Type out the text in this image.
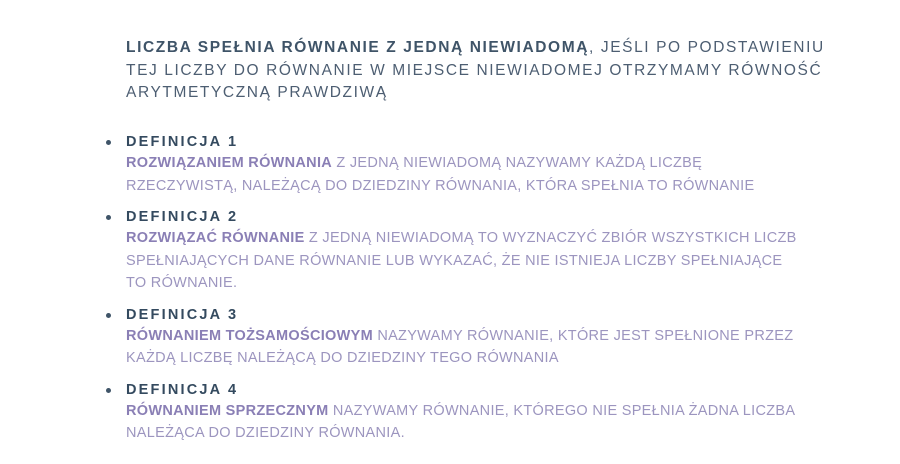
LICZBA SPEŁNIA RÓWNANIE Z JEDNĄ NIEWIADOMĄ, JEŚLI PO PODSTAWIENIU TEJ LICZBY DO RÓWNANIE W MIEJSCE NIEWIADOMEJ OTRZYMAMY RÓWNOŚĆ ARYTMETYCZNĄ PRAWDZIWĄ

DEFINICJA 1
ROZWIĄZANIEM RÓWNANIA Z JEDNĄ NIEWIADOMĄ NAZYWAMY KAŻDĄ LICZBĘ RZECZYWISTĄ, NALEŻĄCĄ DO DZIEDZINY RÓWNANIA, KTÓRA SPEŁNIA TO RÓWNANIE
DEFINICJA 2
ROZWIĄZAĆ RÓWNANIE Z JEDNĄ NIEWIADOMĄ TO WYZNACZYĆ ZBIÓR WSZYSTKICH LICZB SPEŁNIAJĄCYCH DANE RÓWNANIE LUB WYKAZAĆ, ŻE NIE ISTNIEJA LICZBY SPEŁNIAJĄCE TO RÓWNANIE.
DEFINICJA 3
RÓWNANIEM TOŻSAMOŚCIOWYM NAZYWAMY RÓWNANIE, KTÓRE JEST SPEŁNIONE PRZEZ KAŻDĄ LICZBĘ NALEŻĄCĄ DO DZIEDZINY TEGO RÓWNANIA
DEFINICJA 4
RÓWNANIEM SPRZECZNYM NAZYWAMY RÓWNANIE, KTÓREGO NIE SPEŁNIA ŻADNA LICZBA NALEŻĄCA DO DZIEDZINY RÓWNANIA.
